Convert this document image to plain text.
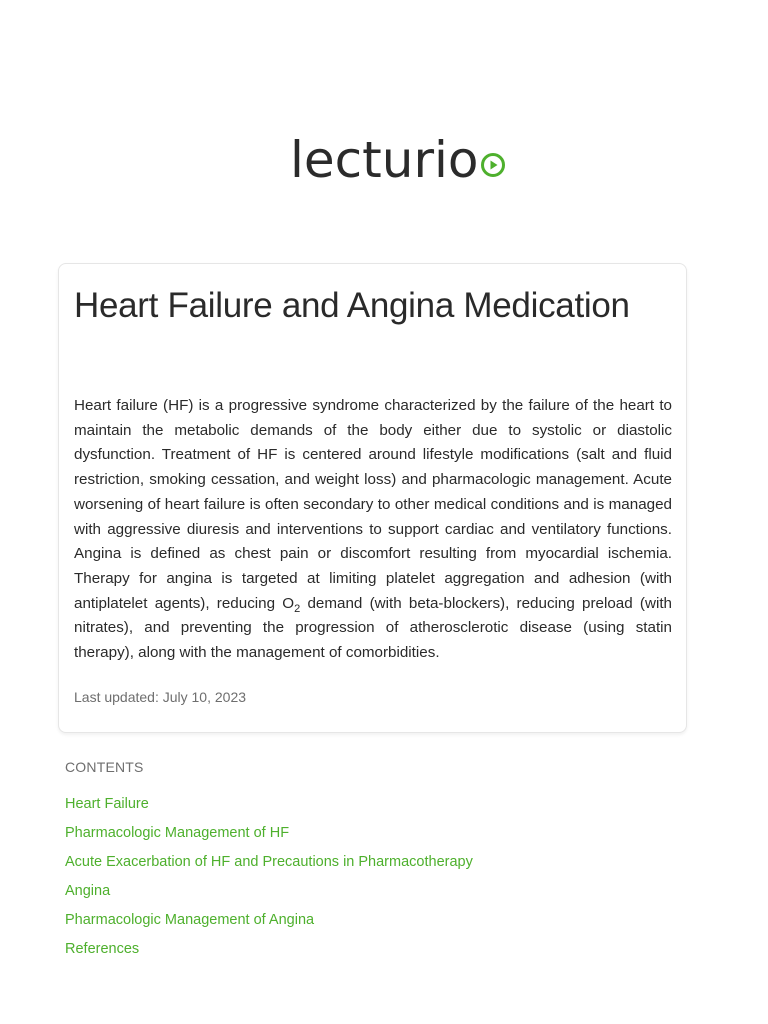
lecturio
Heart Failure and Angina Medication

Heart failure (HF) is a progressive syndrome characterized by the failure of the heart to maintain the metabolic demands of the body either due to systolic or diastolic dysfunction. Treatment of HF is centered around lifestyle modifications (salt and fluid restriction, smoking cessation, and weight loss) and pharmacologic management. Acute worsening of heart failure is often secondary to other medical conditions and is managed with aggressive diuresis and interventions to support cardiac and ventilatory functions. Angina is defined as chest pain or discomfort resulting from myocardial ischemia. Therapy for angina is targeted at limiting platelet aggregation and adhesion (with antiplatelet agents), reducing $O_2$ demand (with beta-blockers), reducing preload (with nitrates), and preventing the progression of atherosclerotic disease (using statin therapy), along with the management of comorbidities.

Last updated: July 10, 2023
CONTENTS
Heart Failure
Pharmacologic Management of HF
Acute Exacerbation of HF and Precautions in Pharmacotherapy
Angina
Pharmacologic Management of Angina
References
